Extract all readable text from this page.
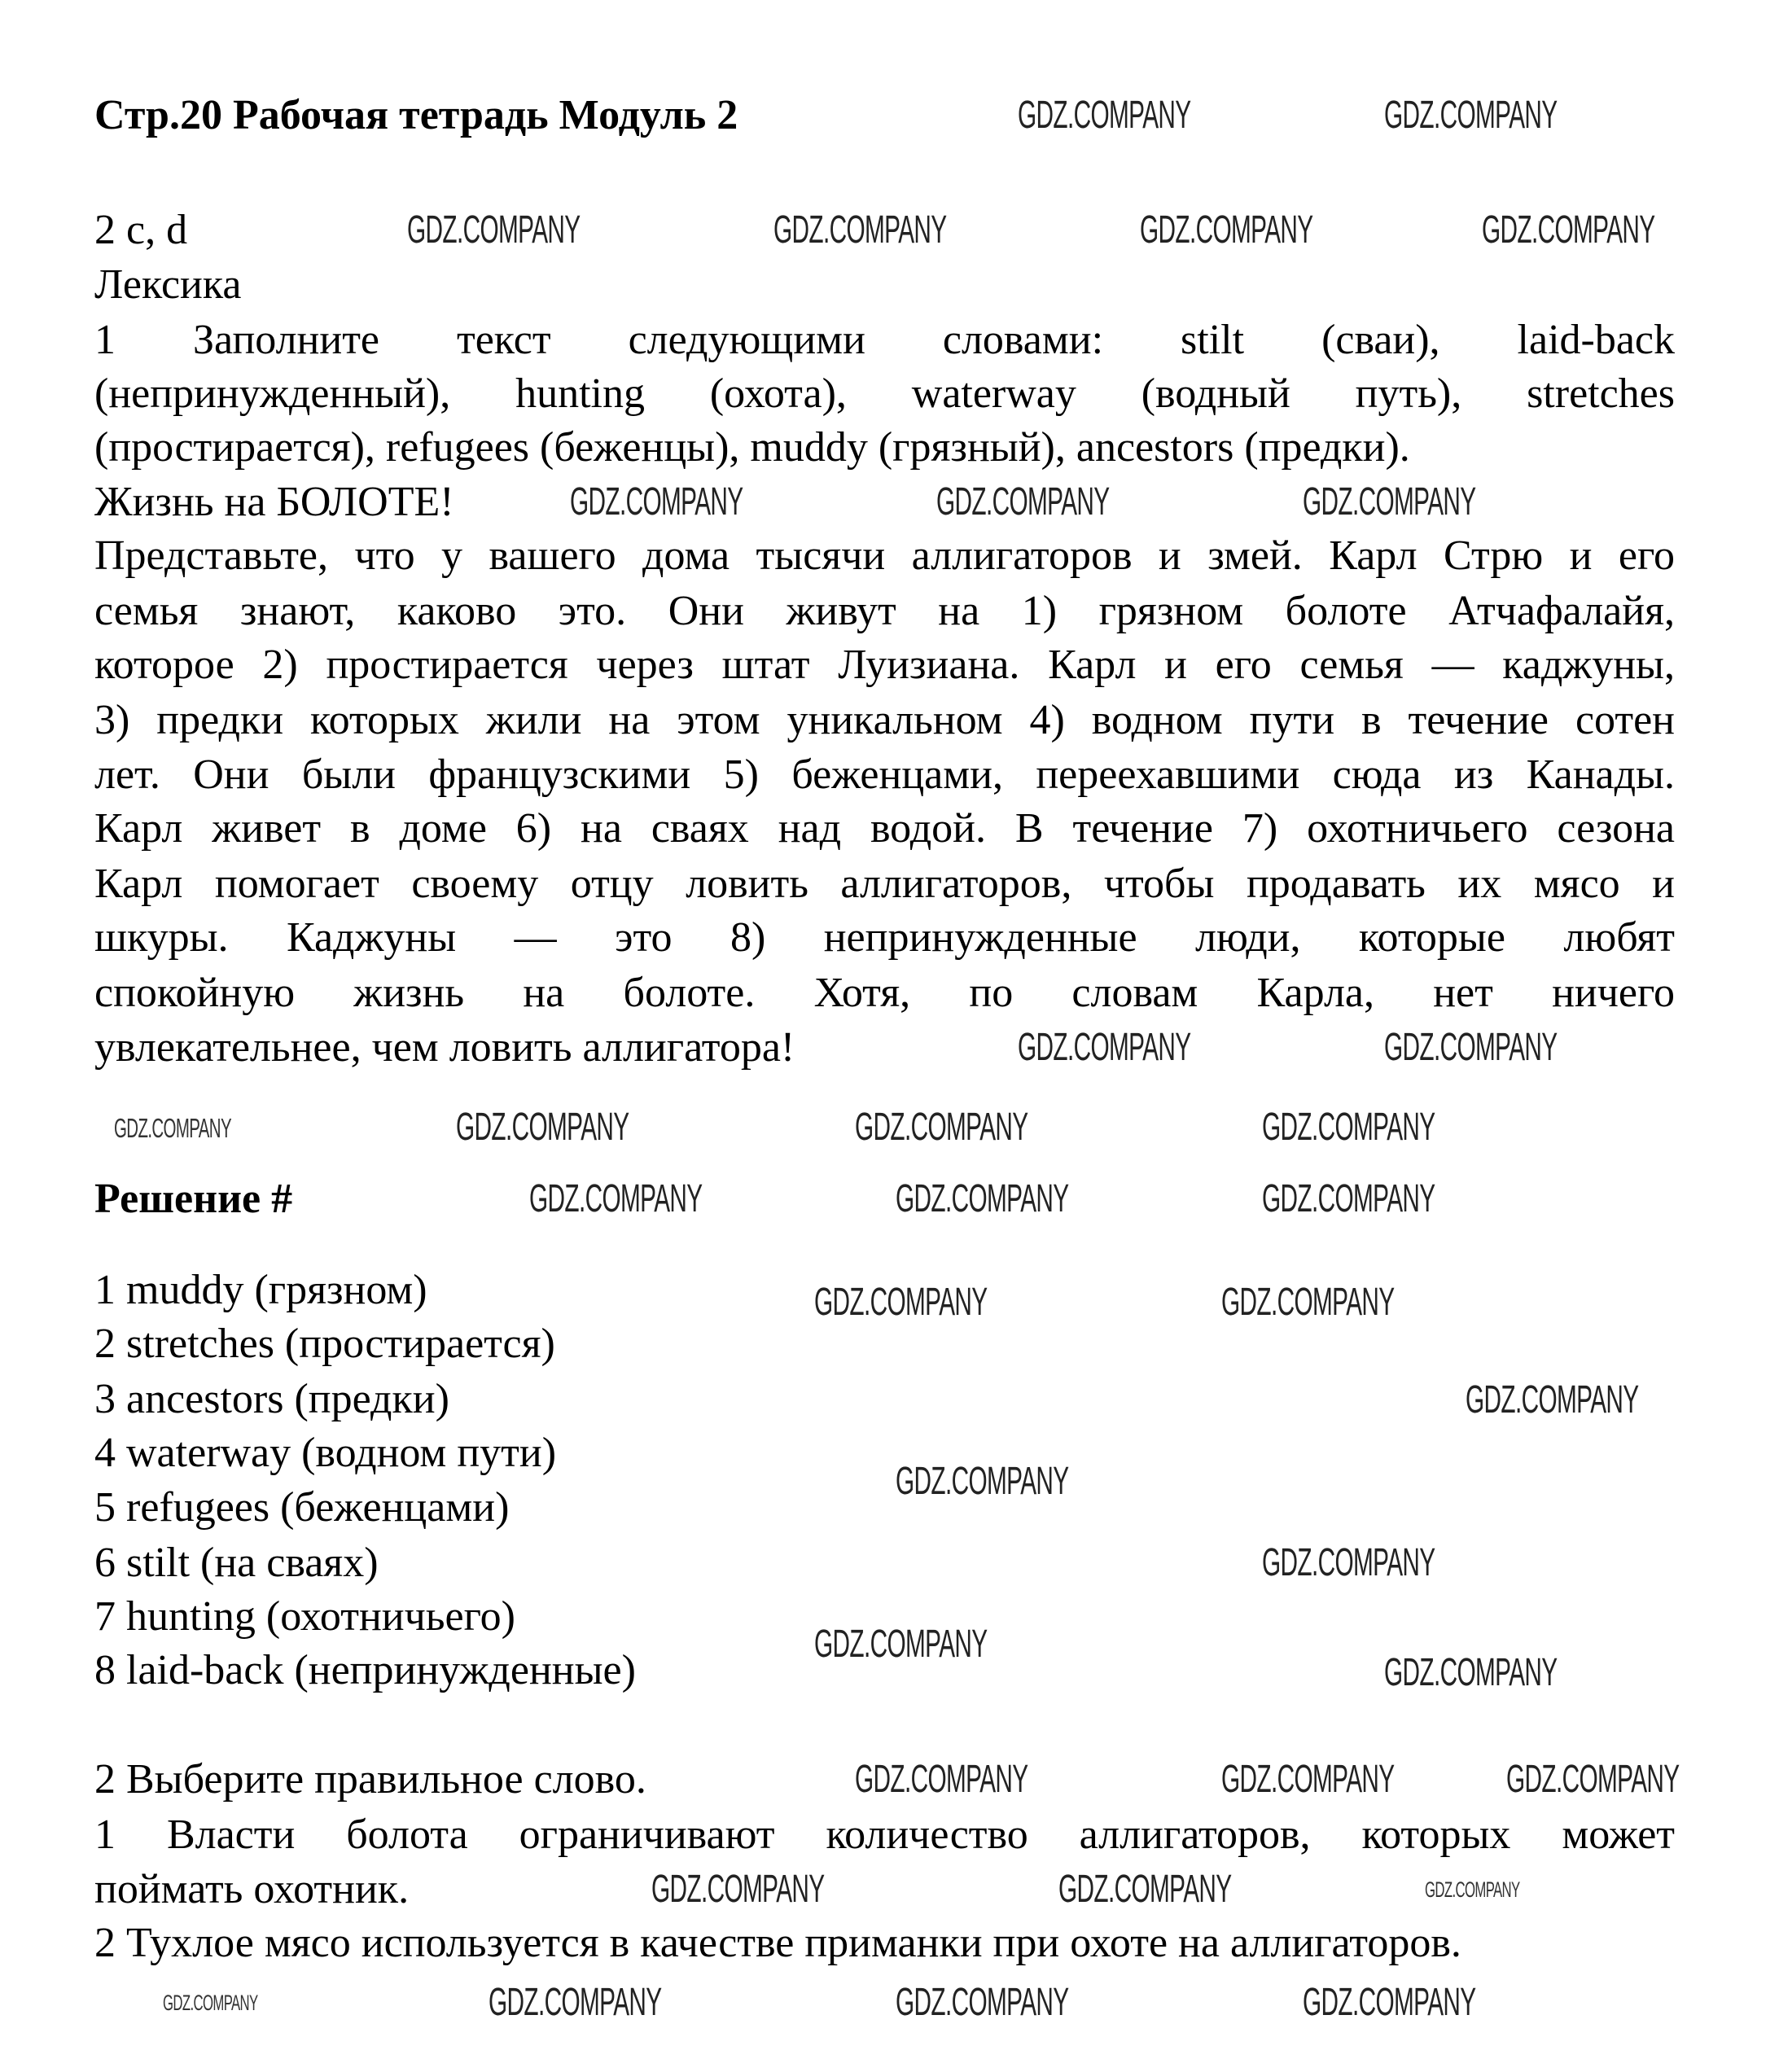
Стр.20 Рабочая тетрадь Модуль 2
2 c, d
Лексика
1 Заполните текст следующими словами: stilt (сваи), laid-back
(непринужденный), hunting (охота), waterway (водный путь), stretches
(простирается), refugees (беженцы), muddy (грязный), ancestors (предки).
Жизнь на БОЛОТЕ!
Представьте, что у вашего дома тысячи аллигаторов и змей. Карл Стрю и его
семья знают, каково это. Они живут на 1) грязном болоте Атчафалайя,
которое 2) простирается через штат Луизиана. Карл и его семья — каджуны,
3) предки которых жили на этом уникальном 4) водном пути в течение сотен
лет. Они были французскими 5) беженцами, переехавшими сюда из Канады.
Карл живет в доме 6) на сваях над водой. В течение 7) охотничьего сезона
Карл помогает своему отцу ловить аллигаторов, чтобы продавать их мясо и
шкуры. Каджуны — это 8) непринужденные люди, которые любят
спокойную жизнь на болоте. Хотя, по словам Карла, нет ничего
увлекательнее, чем ловить аллигатора!
Решение #
1 muddy (грязном)
2 stretches (простирается)
3 ancestors (предки)
4 waterway (водном пути)
5 refugees (беженцами)
6 stilt (на сваях)
7 hunting (охотничьего)
8 laid-back (непринужденные)
2 Выберите правильное слово.
1 Власти болота ограничивают количество аллигаторов, которых может
поймать охотник.
2 Тухлое мясо используется в качестве приманки при охоте на аллигаторов.
GDZ.COMPANY	GDZ.COMPANY
GDZ.COMPANY	GDZ.COMPANY	GDZ.COMPANY	GDZ.COMPANY
GDZ.COMPANY	GDZ.COMPANY	GDZ.COMPANY
GDZ.COMPANY	GDZ.COMPANY
GDZ.COMPANY	GDZ.COMPANY	GDZ.COMPANY	GDZ.COMPANY
GDZ.COMPANY	GDZ.COMPANY	GDZ.COMPANY
GDZ.COMPANY	GDZ.COMPANY
GDZ.COMPANY
GDZ.COMPANY
GDZ.COMPANY
GDZ.COMPANY
GDZ.COMPANY
GDZ.COMPANY	GDZ.COMPANY	GDZ.COMPANY
GDZ.COMPANY	GDZ.COMPANY	GDZ.COMPANY
GDZ.COMPANY	GDZ.COMPANY	GDZ.COMPANY	GDZ.COMPANY
